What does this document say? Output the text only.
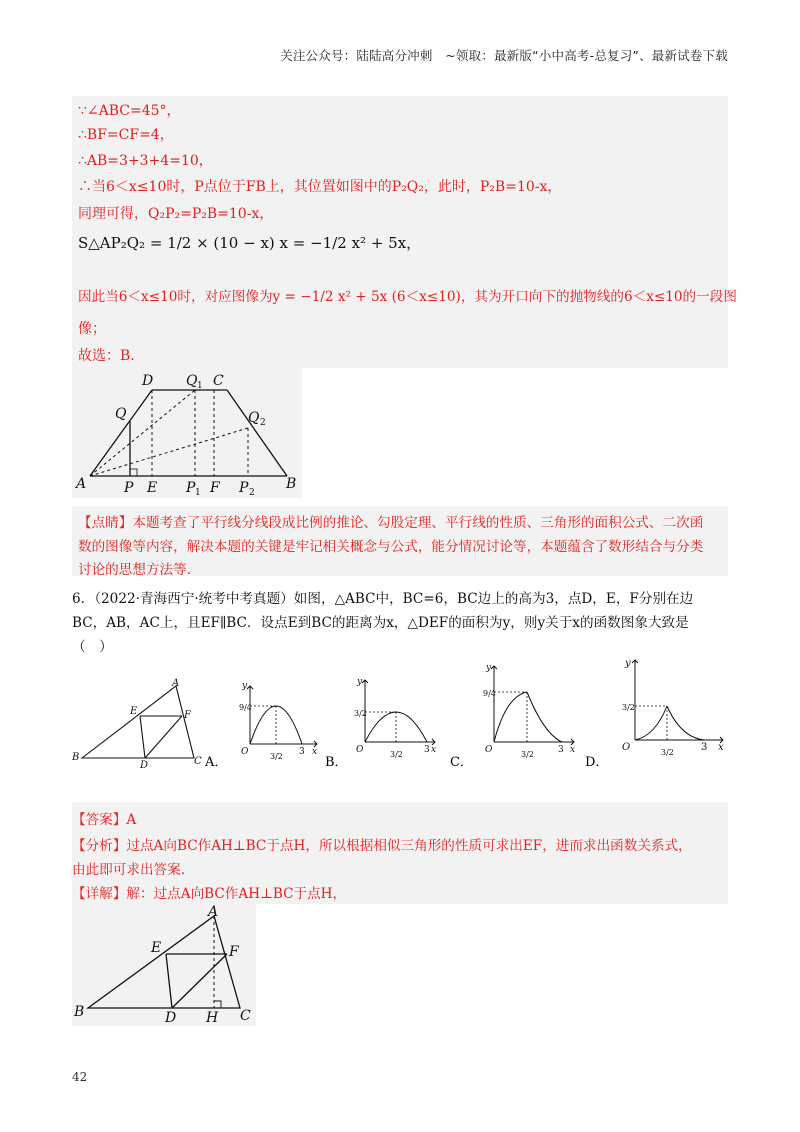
关注公众号：陆陆高分冲刺　~领取：最新版“小中高考-总复习”、最新试卷下载
∵∠ABC=45°，
∴BF=CF=4，
∴AB=3+3+4=10，
∴当6＜x≤10时，P点位于FB上，其位置如图中的P₂Q₂，此时，P₂B=10-x，
同理可得，Q₂P₂=P₂B=10-x，
S△AP₂Q₂ = 1/2 × (10 − x) x = −1/2 x² + 5x，
因此当6＜x≤10时，对应图像为y = −1/2 x² + 5x (6＜x≤10)，其为开口向下的抛物线的6＜x≤10的一段图
像；
故选：B.
D Q 1 C
Q	Q 2
A	P E P 1 F P 2
B
【点睛】本题考查了平行线分线段成比例的推论、勾股定理、平行线的性质、三角形的面积公式、二次函
数的图像等内容，解决本题的关键是牢记相关概念与公式，能分情况讨论等，本题蕴含了数形结合与分类
讨论的思想方法等.
6．（2022·青海西宁·统考中考真题）如图，△ABC中，BC=6，BC边上的高为3，点D，E，F分别在边
BC，AB，AC上，且EF∥BC．设点E到BC的距离为x，△DEF的面积为y，则y关于x的函数图象大致是
（　）
A
B	C
D
E	F
A．
y
x
O	3
9/4
3/2	B．
y
x
O	3
3/2
3/2
C．
y
x
O	3
9/4
3/2
D．
y
x
O	3
3/2
3/2
【答案】A
【分析】过点A向BC作AH⊥BC于点H，所以根据相似三角形的性质可求出EF，进而求出函数关系式，
由此即可求出答案.
【详解】解：过点A向BC作AH⊥BC于点H，
A
B	C
D
E	F
H
42
